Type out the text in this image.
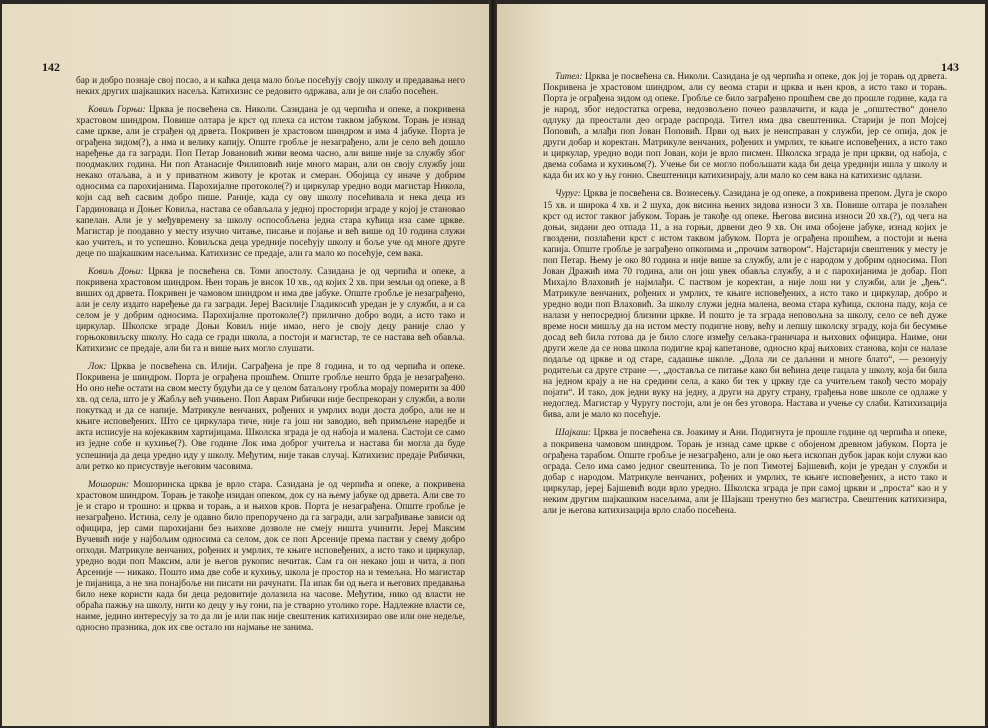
142

бар и добро познаје свој посао, а и каћка деца мало боље посећују своју школу и предавања него неких других шајкашких насеља. Катихизис се редовито одржава, али је он слабо посећен.

Ковиљ Горњи: Црква је посвећена св. Николи. Сазидана је од черпића и опеке, а покривена храстовом шиндром. Повише олтара је крст од плеха са истом таквом јабуком. Торањ је изнад саме цркве, али је сграђен од дрвета. Покривен је храстовом шиндром и има 4 јабуке. Порта је ограђена зидом(?), а има и велику капију. Опште гробље је незаграђено, али је село већ дошло наређење да га загради. Поп Петар Јовановић живи веома часно, али више није за службу због поодмаклих година. Ни поп Атанасије Филиповић није много маран, али он своју службу још некако отаљава, а и у приватном животу је кротак и смеран. Обојица су иначе у добрим односима са парохијанима. Парохијалне протоколе(?) и циркулар уредно води магистар Никола, који сад већ сасвим добро пише. Раније, када су ову школу посећивала и нека деца из Гардиноваца и Доњег Ковиља, настава се обављала у једној просторији зграде у којој је становао капелан. Али је у међувремену за школу оспособљена једна стара кућица иза саме цркве. Магистар је поодавно у месту изучио читање, писање и појање и већ више од 10 година служи као учитељ, и то успешно. Ковиљска деца уредније посећују школу и боље уче од многе друге деце по шајкашким насељима. Катихизис се предаје, али га мало ко посећује, сем вака.

Ковиљ Доњи: Црква је посвећена св. Томи апостолу. Сазидана је од черпића и опеке, а покривена храстовом шиндром. Њен торањ је висок 10 хв., од којих 2 хв. при земљи од опеке, а 8 виших од дрвета. Покривен је чамовом шиндром и има две јабуке. Опште гробље је незаграђено, али је селу издато наређење да га загради. Јереј Василије Гладикосић уредан је у служби, а и са селом је у добрим односима. Парохијалне протоколе(?) прилично добро води, а исто тако и циркулар. Школске зграде Доњи Ковиљ није имао, него је своју децу раније слао у горњоковиљску школу. Но сада се гради школа, а постоји и магистар, те се настава већ обавља. Катихизис се предаје, али би га и више њих могло слушати.

Лок: Црква је посвећена св. Илији. Саграђена је пре 8 година, и то од черпића и опеке. Покривена је шиндром. Порта је ограђена прошћем. Опште гробље нешто брда је незаграђено. Но оно неће остати на свом месту будући да се у целом батаљону гробља морају померити за 400 хв. од села, што је у Жабљу већ учињено. Поп Аврам Рибички није беспрекоран у служби, а воли покуткад и да се напије. Матрикуле венчаних, рођених и умрлих води доста добро, али не и књиге исповеђених. Што се циркулара тиче, није га још ни заводио, већ примљене наредбе и акта исписује на којекаквим хартијицама. Школска зграда је од набоја и малена. Састоји се само из једне собе и кухиње(?). Ове године Лок има доброг учитеља и настава би могла да буде успешнија да деца уредно иду у школу. Међутим, није такав случај. Катихизис предаје Рибички, али ретко ко присуствује његовим часовима.

Мошорин: Мошоринска црква је врло стара. Сазидана је од черпића и опеке, а покривена храстовом шиндром. Торањ је такође изидан опеком, док су на њему јабуке од дрвета. Али све то је и старо и трошно: и црква и торањ, а и њихов кров. Порта је незаграђена. Опште гробље је незаграђено. Истина, селу је одавно било препоручено да га загради, али заграђивање зависи од официра, јер сами парохијани без њихове дозволе не смеју ништа учинити. Јереј Максим Вучевић није у најбољим односима са селом, док се поп Арсеније према пастви у свему добро опходи. Матрикуле венчаних, рођених и умрлих, те књиге исповеђених, а исто тако и циркулар, уредно води поп Максим, али је његов рукопис нечитак. Сам га он некако још и чита, а поп Арсеније — никако. Пошто има две собе и кухињу, школа је простор на и темељна. Но магистар је пијаница, а не зна понајбоље ни писати ни рачунати. Па ипак би од њега и његових предавања било неке користи када би деца редовитије долазила на часове. Међутим, нико од власти не обраћа пажњу на школу, нити ко децу у њу гони, па је стварно утолико горе. Надлежне власти се, наиме, једино интересују за то да ли је или пак није свештеник катихизирао ове или оне недеље, односно празника, док их све остало ни најмање не занима.

143

Тител: Црква је посвећена св. Николи. Сазидана је од черпића и опеке, док јој је торањ од дрвета. Покривена је храстовом шиндром, али су веома стари и црква и њен кров, а исто тако и торањ. Порта је ограђена зидом од опеке. Гробље се било заграђено прошћем све до прошле године, када га је народ, због недостатка огрева, недозвољено почео развлачити, и када је „општество“ донело одлуку да преостали део ограде распрода. Тител има два свештеника. Старији је поп Мојсеј Поповић, а млађи поп Јован Поповић. Први од њих је неисправан у служби, јер се опија, док је други добар и коректан. Матрикуле венчаних, рођених и умрлих, те књиге исповеђених, а исто тако и циркулар, уредно води поп Јован, који је врло писмен. Школска зграда је при цркви, од набоја, с двема собама и кухињом(?). Учење би се могло побољшати када би деца уреднији ишла у школу и када би их ко у њу гонио. Свештеници катихизирају, али мало ко сем вака на катихизис одлази.

Чуруг: Црква је посвећена св. Вознесењу. Сазидана је од опеке, а покривена препом. Дуга је скоро 15 хв. и широка 4 хв. и 2 шуха, док висина њених зидова износи 3 хв. Повише олтара је позлаћен крст од истог таквог јабуком. Торањ је такође од опеке. Његова висина износи 20 хв.(?), од чега на доњи, зидани део отпада 11, а на горњи, дрвени део 9 хв. Он има обојене јабуке, изнад којих је гвоздени, позлаћени крст с истом таквом јабуком. Порта је ограђена прошћем, а постоји и њена капија. Опште гробље је заграђено опкопима и „прочим затвором“. Најстарији свештеник у месту је поп Петар. Њему је око 80 година и није више за службу, али је с народом у добрим односима. Поп Јован Дражић има 70 година, али он још увек обавља службу, а и с парохијанима је добар. Поп Михајло Влаховић је најмлађи. С паством је коректан, а није лош ни у служби, али је „ђењ“. Матрикуле венчаних, рођених и умрлих, те књиге исповеђених, а исто тако и циркулар, добро и уредно води поп Влаховић. За школу служи једна малена, веома стара кућица, склона паду, која се налази у непосредној близини цркве. И пошто је та зграда неповољна за школу, село се већ дуже време носи мишљу да на истом месту подигне нову, већу и лепшу школску зграду, која би бесумње досад већ била готова да је било слоге између сељака-граничара и њихових официра. Наиме, они други желе да се нова школа подигне крај капетанове, односно крај њихових станова, који се налазе подаље од цркве и од старе, садашње школе. „Дола ли се даљнни и многе блато“, — резонују родитељи са друге стране —, „доставља се питање како би већина деце гацала у школу, која би била на једном крају а не на средини села, а како би тек у цркву где са учитељем такођ често морају појати“. И тако, док једни вуку на једну, а други на другу страну, грађења нове школе се одлаже у недоглед. Магистар у Чуругу постоји, али је он без уговора. Настава и учење су слаби. Катихизација бива, али је мало ко посећује.

Шајкаш: Црква је посвећена св. Јоакиму и Ани. Подигнута је прошле године од черпића и опеке, а покривена чамовом шиндром. Торањ је изнад саме цркве с обојеном древном јабуком. Порта је ограђена тарабом. Опште гробље је незаграђено, али је око њега ископан дубок јарак који служи као ограда. Село има само једног свештеника. То је поп Тимотеј Бајшевић, који је уредан у служби и добар с народом. Матрикуле венчаних, рођених и умрлих, те књиге исповеђених, а исто тако и циркулар, јереј Бајшевић води врло уредно. Школска зграда је при самој цркви и „проста“ као и у неким другим шајкашким насељима, али је Шајкаш тренутно без магистра. Свештеник катихизира, али је његова катихизација врло слабо посећена.
